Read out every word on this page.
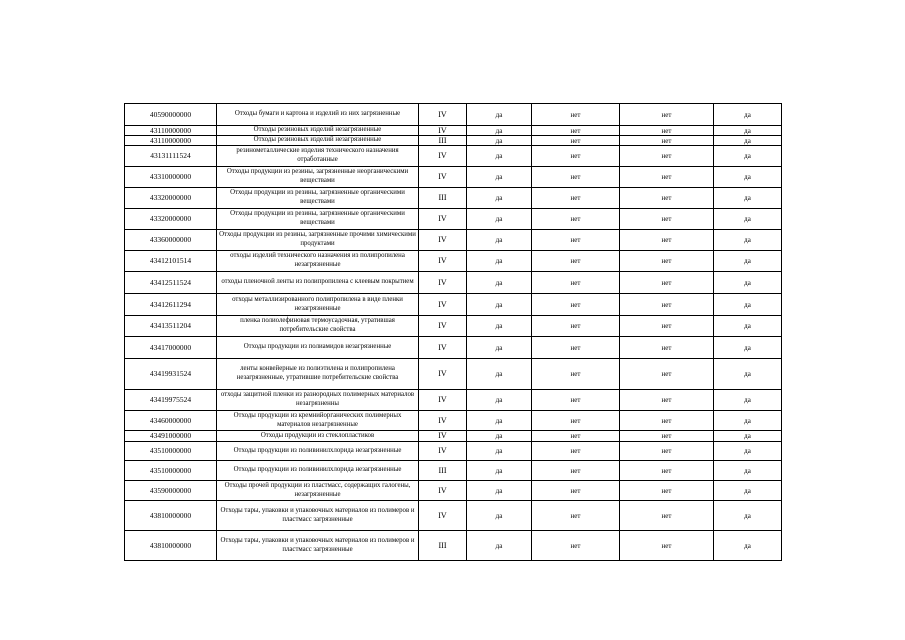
40590000000	Отходы бумаги и картона и изделий из них загрязненные	IV	да	нет	нет	да
43110000000	Отходы резиновых изделий незагрязненные	IV	да	нет	нет	да
43110000000	Отходы резиновых изделий незагрязненные	III	да	нет	нет	да
43131111524	резинометаллические изделия технического назначения отработанные	IV	да	нет	нет	да
43310000000	Отходы продукции из резины, загрязненные неорганическими веществами	IV	да	нет	нет	да
43320000000	Отходы продукции из резины, загрязненные органическими веществами	III	да	нет	нет	да
43320000000	Отходы продукции из резины, загрязненные органическими веществами	IV	да	нет	нет	да
43360000000	Отходы продукции из резины, загрязненные прочими химическими продуктами	IV	да	нет	нет	да
43412101514	отходы изделий технического назначения из полипропилена незагрязненные	IV	да	нет	нет	да
43412511524	отходы пленочной ленты из полипропилена с клеевым покрытием	IV	да	нет	нет	да
43412611294	отходы металлизированного полипропилена в виде пленки незагрязненные	IV	да	нет	нет	да
43413511204	пленка полиолефиновая термоусадочная, утратившая потребительские свойства	IV	да	нет	нет	да
43417000000	Отходы продукции из полиамидов незагрязненные	IV	да	нет	нет	да
43419931524	ленты конвейерные из полиэтилена и полипропилена незагрязненные, утратившие потребительские свойства	IV	да	нет	нет	да
43419975524	отходы защитной пленки из разнородных полимерных материалов незагрязненны	IV	да	нет	нет	да
43460000000	Отходы продукции из кремнийорганических полимерных материалов незагрязненные	IV	да	нет	нет	да
43491000000	Отходы продукции из стеклопластиков	IV	да	нет	нет	да
43510000000	Отходы продукции из поливинилхлорида незагрязненные	IV	да	нет	нет	да
43510000000	Отходы продукции из поливинилхлорида незагрязненные	III	да	нет	нет	да
43590000000	Отходы прочей продукции из пластмасс, содержащих галогены, незагрязненные	IV	да	нет	нет	да
43810000000	Отходы тары, упаковки и упаковочных материалов из полимеров и пластмасс загрязненные	IV	да	нет	нет	да
43810000000	Отходы тары, упаковки и упаковочных материалов из полимеров и пластмасс загрязненные	III	да	нет	нет	да
